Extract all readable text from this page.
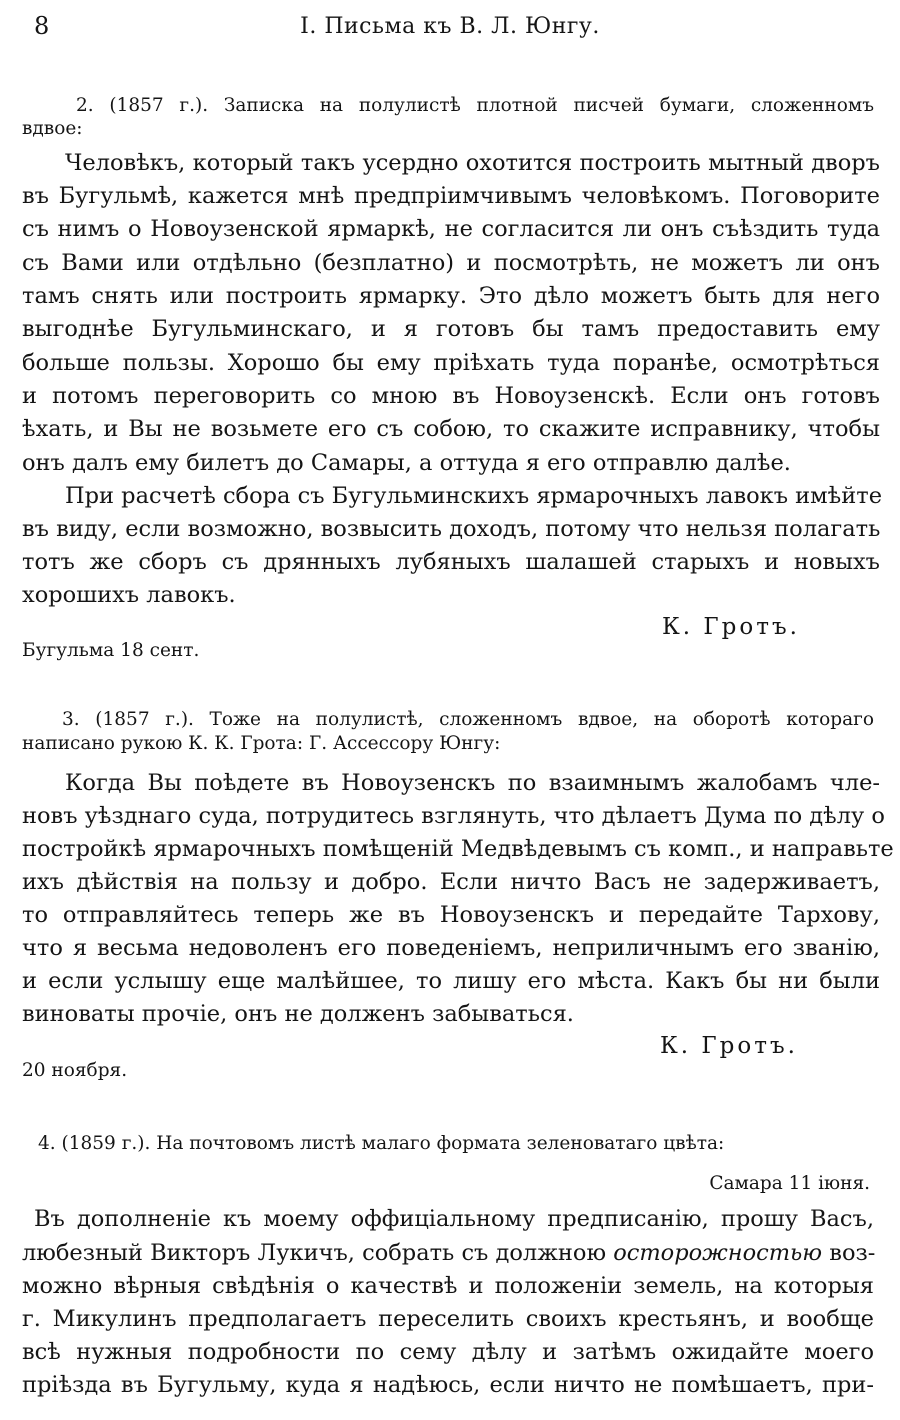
8	I. Письма къ В. Л. Юнгу.
2. (1857 г.). Записка на полулистѣ плотной писчей бумаги, сложенномъ
вдвое:
Человѣкъ, который такъ усердно охотится построить мытный дворъ
въ Бугульмѣ, кажется мнѣ предпріимчивымъ человѣкомъ. Поговорите
съ нимъ о Новоузенской ярмаркѣ, не согласится ли онъ съѣздить туда
съ Вами или отдѣльно (безплатно) и посмотрѣть, не можетъ ли онъ
тамъ снять или построить ярмарку. Это дѣло можетъ быть для него
выгоднѣе Бугульминскаго, и я готовъ бы тамъ предоставить ему
больше пользы. Хорошо бы ему пріѣхать туда поранѣе, осмотрѣться
и потомъ переговорить со мною въ Новоузенскѣ. Если онъ готовъ
ѣхать, и Вы не возьмете его съ собою, то скажите исправнику, чтобы
онъ далъ ему билетъ до Самары, а оттуда я его отправлю далѣе.
При расчетѣ сбора съ Бугульминскихъ ярмарочныхъ лавокъ имѣйте
въ виду, если возможно, возвысить доходъ, потому что нельзя полагать
тотъ же сборъ съ дрянныхъ лубяныхъ шалашей старыхъ и новыхъ
хорошихъ лавокъ.
К. Гротъ.
Бугульма 18 сент.
3. (1857 г.). Тоже на полулистѣ, сложенномъ вдвое, на оборотѣ котораго
написано рукою К. К. Грота: Г. Ассессору Юнгу:
Когда Вы поѣдете въ Новоузенскъ по взаимнымъ жалобамъ чле-
новъ уѣзднаго суда, потрудитесь взглянуть, что дѣлаетъ Дума по дѣлу о
постройкѣ ярмарочныхъ помѣщеній Медвѣдевымъ съ комп., и направьте
ихъ дѣйствія на пользу и добро. Если ничто Васъ не задерживаетъ,
то отправляйтесь теперь же въ Новоузенскъ и передайте Тархову,
что я весьма недоволенъ его поведеніемъ, неприличнымъ его званію,
и если услышу еще малѣйшее, то лишу его мѣста. Какъ бы ни были
виноваты прочіе, онъ не долженъ забываться.
К. Гротъ.
20 ноября.
4. (1859 г.). На почтовомъ листѣ малаго формата зеленоватаго цвѣта:
Самара 11 іюня.
Въ дополненіе къ моему оффиціальному предписанію, прошу Васъ,
любезный Викторъ Лукичъ, собрать съ должною осторожностью воз-
можно вѣрныя свѣдѣнія о качествѣ и положеніи земель, на которыя
г. Микулинъ предполагаетъ переселить своихъ крестьянъ, и вообще
всѣ нужныя подробности по сему дѣлу и затѣмъ ожидайте моего
пріѣзда въ Бугульму, куда я надѣюсь, если ничто не помѣшаетъ, при-
